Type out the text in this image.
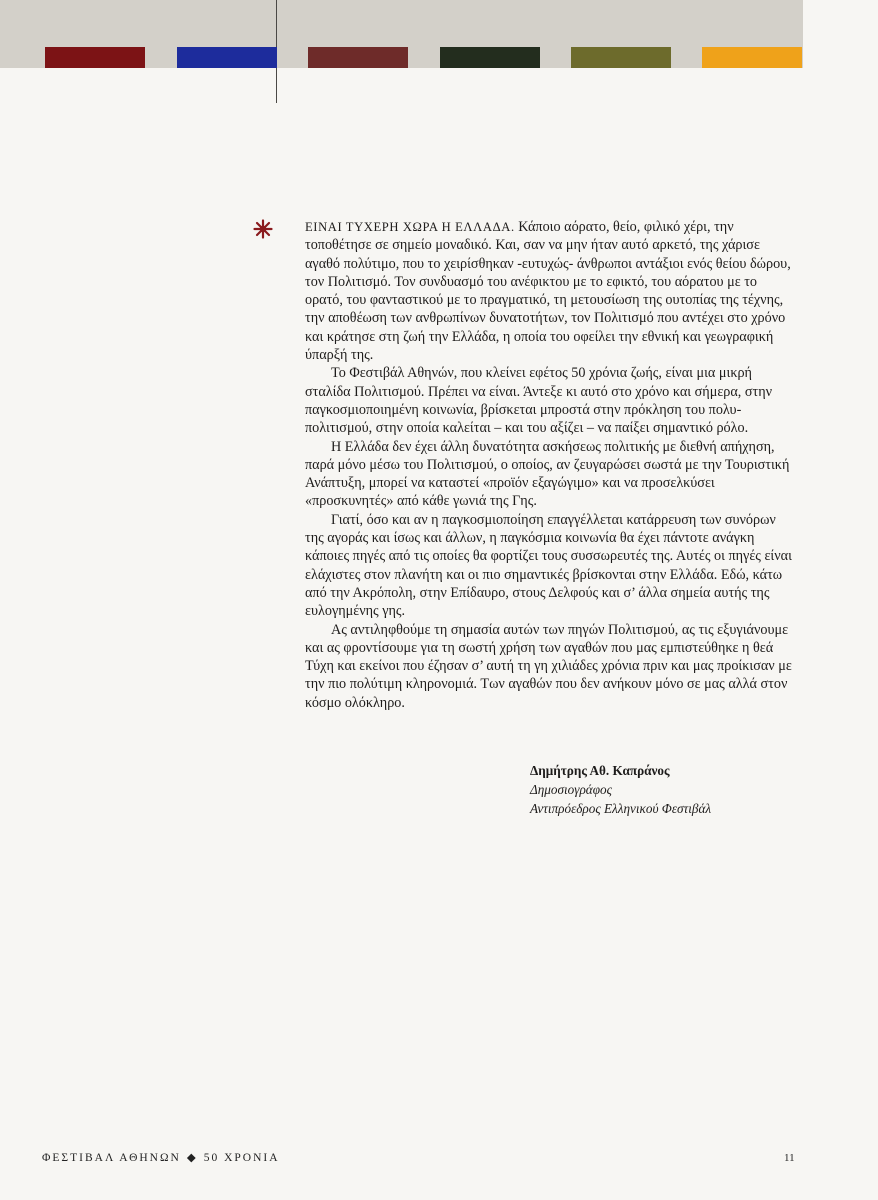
ΕΙΝΑΙ ΤΥΧΕΡΗ ΧΩΡΑ Η ΕΛΛΑΔΑ. Κάποιο αόρατο, θείο, φιλικό χέρι, την τοποθέτησε σε σημείο μοναδικό. Και, σαν να μην ήταν αυτό αρκετό, της χάρισε αγαθό πολύτιμο, που το χειρίσθηκαν -ευτυχώς- άνθρωποι αντάξιοι ενός θείου δώρου, τον Πολιτισμό. Τον συνδυασμό του ανέφικτου με το εφικτό, του αόρατου με το ορατό, του φανταστικού με το πραγματικό, τη μετουσίωση της ουτοπίας της τέχνης, την αποθέωση των ανθρωπίνων δυνατοτήτων, τον Πολιτισμό που αντέχει στο χρόνο και κράτησε στη ζωή την Ελλάδα, η οποία του οφείλει την εθνική και γεωγραφική ύπαρξή της.

Το Φεστιβάλ Αθηνών, που κλείνει εφέτος 50 χρόνια ζωής, είναι μια μικρή σταλίδα Πολιτισμού. Πρέπει να είναι. Άντεξε κι αυτό στο χρόνο και σήμερα, στην παγκοσμιοποιημένη κοινωνία, βρίσκεται μπροστά στην πρόκληση του πολυ-πολιτισμού, στην οποία καλείται – και του αξίζει – να παίξει σημαντικό ρόλο.

Η Ελλάδα δεν έχει άλλη δυνατότητα ασκήσεως πολιτικής με διεθνή απήχηση, παρά μόνο μέσω του Πολιτισμού, ο οποίος, αν ζευγαρώσει σωστά με την Τουριστική Ανάπτυξη, μπορεί να καταστεί «προϊόν εξαγώγιμο» και να προσελκύσει «προσκυνητές» από κάθε γωνιά της Γης.

Γιατί, όσο και αν η παγκοσμιοποίηση επαγγέλλεται κατάρρευση των συνόρων της αγοράς και ίσως και άλλων, η παγκόσμια κοινωνία θα έχει πάντοτε ανάγκη κάποιες πηγές από τις οποίες θα φορτίζει τους συσσωρευτές της. Αυτές οι πηγές είναι ελάχιστες στον πλανήτη και οι πιο σημαντικές βρίσκονται στην Ελλάδα. Εδώ, κάτω από την Ακρόπολη, στην Επίδαυρο, στους Δελφούς και σ’ άλλα σημεία αυτής της ευλογημένης γης.

Ας αντιληφθούμε τη σημασία αυτών των πηγών Πολιτισμού, ας τις εξυγιάνουμε και ας φροντίσουμε για τη σωστή χρήση των αγαθών που μας εμπιστεύθηκε η θεά Τύχη και εκείνοι που έζησαν σ’ αυτή τη γη χιλιάδες χρόνια πριν και μας προίκισαν με την πιο πολύτιμη κληρονομιά. Των αγαθών που δεν ανήκουν μόνο σε μας αλλά στον κόσμο ολόκληρο.

Δημήτρης Αθ. Καπράνος
Δημοσιογράφος
Αντιπρόεδρος Ελληνικού Φεστιβάλ
ΦΕΣΤΙΒΑΛ ΑΘΗΝΩΝ ◆ 50 ΧΡΟΝΙΑ	11
